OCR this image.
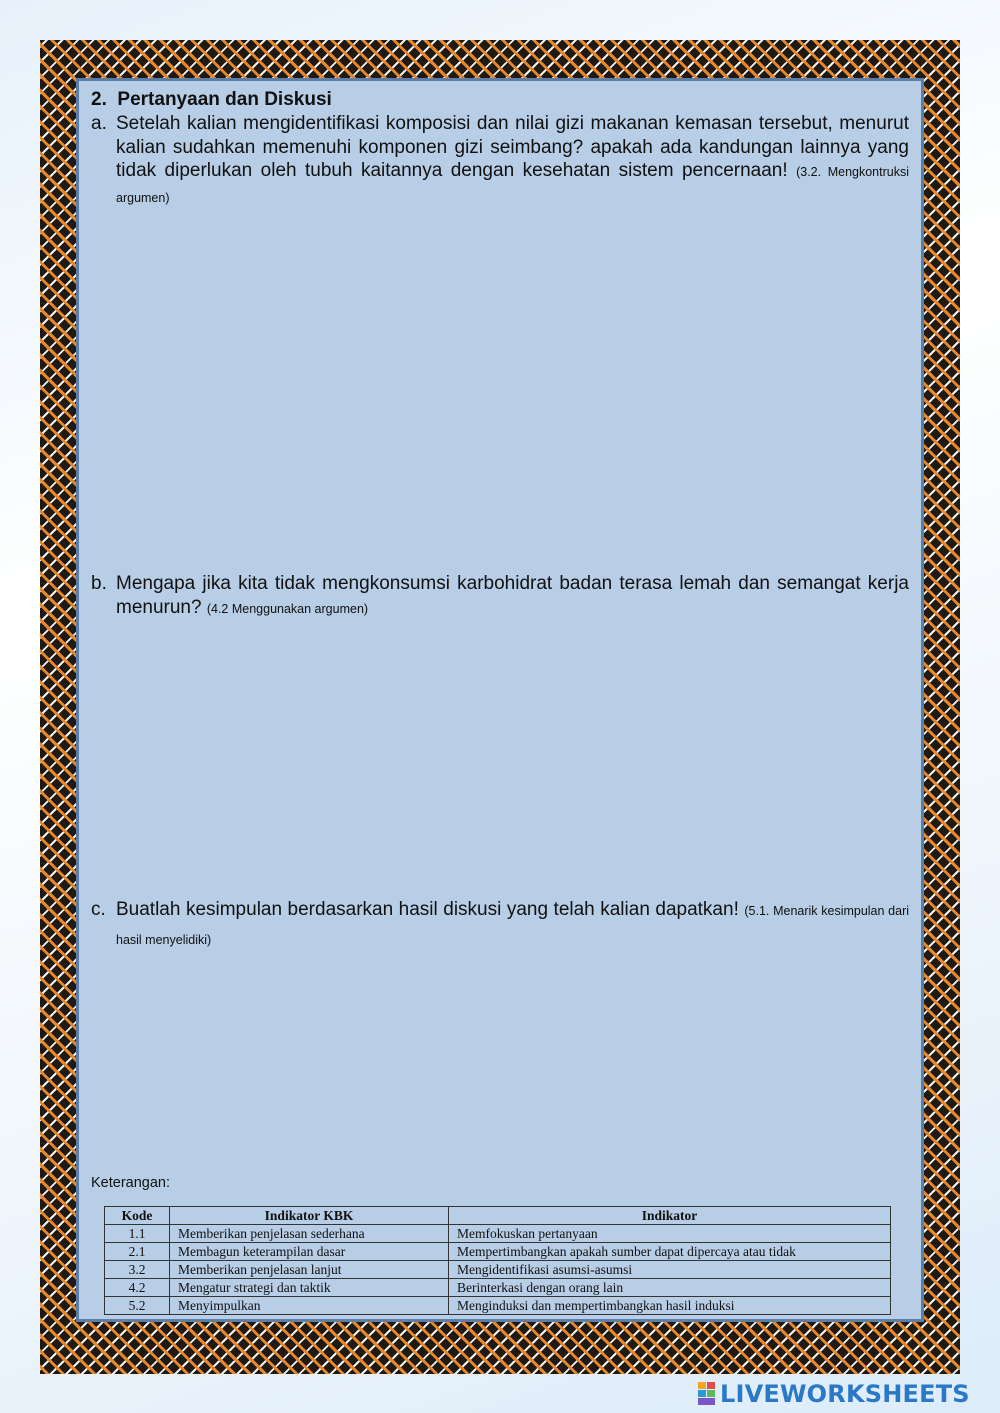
2. Pertanyaan dan Diskusi
a. Setelah kalian mengidentifikasi komposisi dan nilai gizi makanan kemasan tersebut, menurut kalian sudahkan memenuhi komponen gizi seimbang? apakah ada kandungan lainnya yang tidak diperlukan oleh tubuh kaitannya dengan kesehatan sistem pencernaan! (3.2. Mengkontruksi argumen)
b. Mengapa jika kita tidak mengkonsumsi karbohidrat badan terasa lemah dan semangat kerja menurun? (4.2 Menggunakan argumen)
c. Buatlah kesimpulan berdasarkan hasil diskusi yang telah kalian dapatkan! (5.1. Menarik kesimpulan dari hasil menyelidiki)
Keterangan:
Kode	Indikator KBK	Indikator
1.1	Memberikan penjelasan sederhana	Memfokuskan pertanyaan
2.1	Membagun keterampilan dasar	Mempertimbangkan apakah sumber dapat dipercaya atau tidak
3.2	Memberikan penjelasan lanjut	Mengidentifikasi asumsi-asumsi
4.2	Mengatur strategi dan taktik	Berinterkasi dengan orang lain
5.2	Menyimpulkan	Menginduksi dan mempertimbangkan hasil induksi
LIVEWORKSHEETS
